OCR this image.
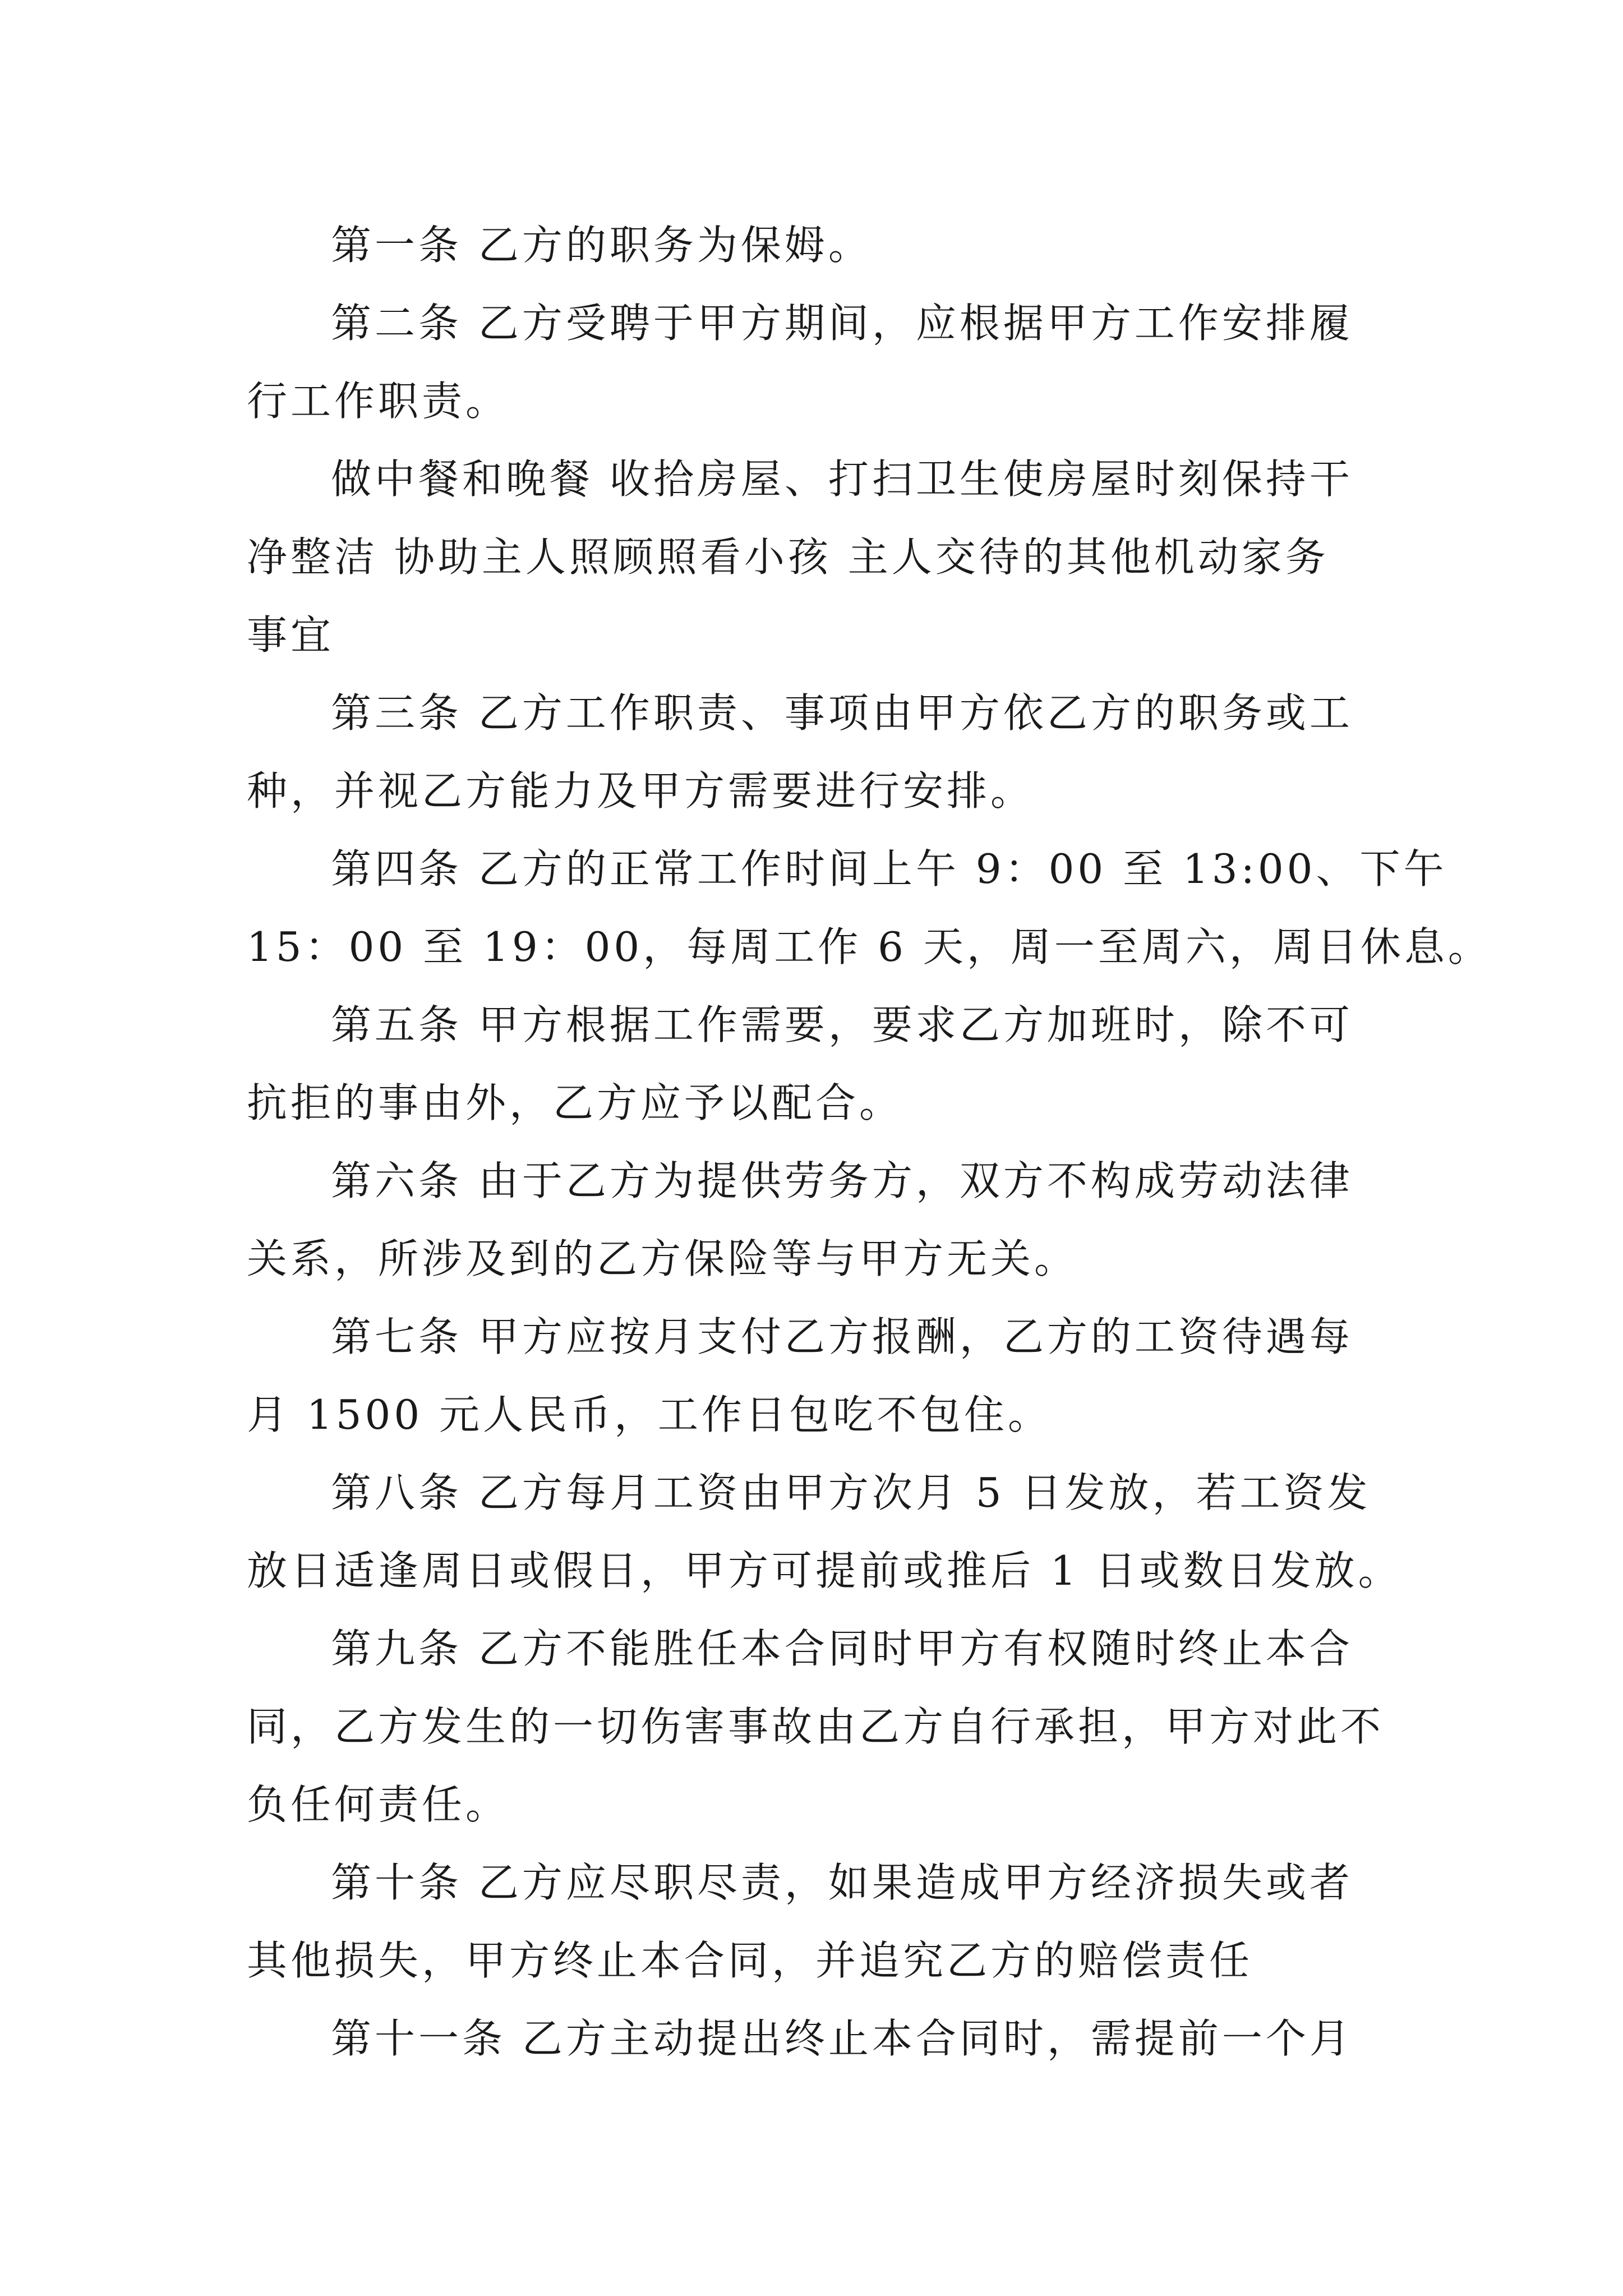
第一条 乙方的职务为保姆。
第二条 乙方受聘于甲方期间，应根据甲方工作安排履
行工作职责。
做中餐和晚餐 收拾房屋、打扫卫生使房屋时刻保持干
净整洁 协助主人照顾照看小孩 主人交待的其他机动家务
事宜
第三条 乙方工作职责、事项由甲方依乙方的职务或工
种，并视乙方能力及甲方需要进行安排。
第四条 乙方的正常工作时间上午 9：00 至 13:00、下午
15：00 至 19：00，每周工作 6 天，周一至周六，周日休息。
第五条 甲方根据工作需要，要求乙方加班时，除不可
抗拒的事由外，乙方应予以配合。
第六条 由于乙方为提供劳务方，双方不构成劳动法律
关系，所涉及到的乙方保险等与甲方无关。
第七条 甲方应按月支付乙方报酬，乙方的工资待遇每
月 1500 元人民币，工作日包吃不包住。
第八条 乙方每月工资由甲方次月 5 日发放，若工资发
放日适逢周日或假日，甲方可提前或推后 1 日或数日发放。
第九条 乙方不能胜任本合同时甲方有权随时终止本合
同，乙方发生的一切伤害事故由乙方自行承担，甲方对此不
负任何责任。
第十条 乙方应尽职尽责，如果造成甲方经济损失或者
其他损失，甲方终止本合同，并追究乙方的赔偿责任
第十一条 乙方主动提出终止本合同时，需提前一个月
